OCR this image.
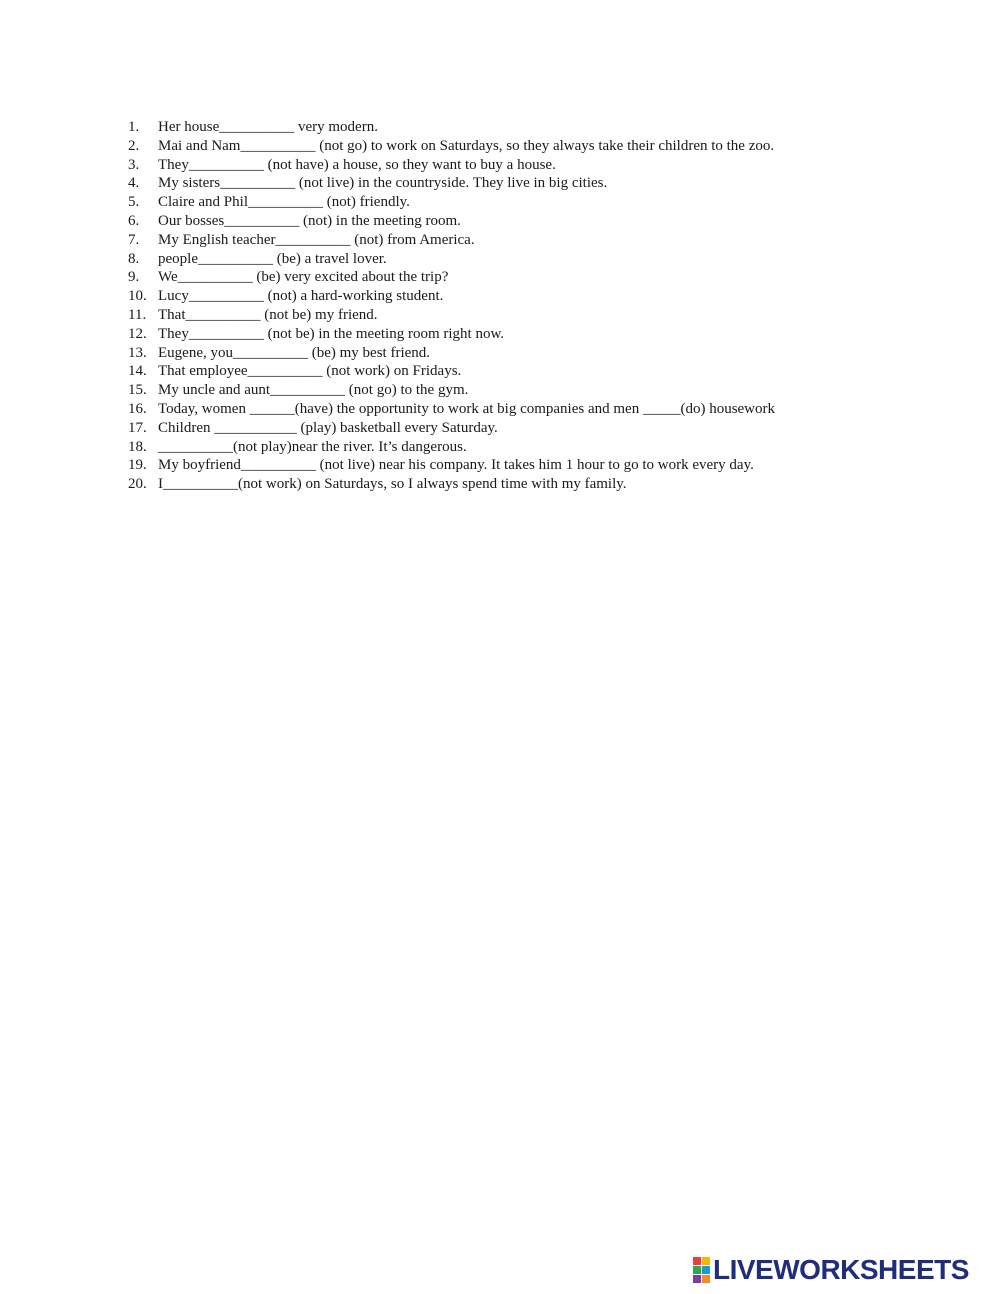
1.	Her house__________ very modern.
2.	Mai and Nam__________ (not go) to work on Saturdays, so they always take their children to the zoo.
3.	They__________ (not have) a house, so they want to buy a house.
4.	My sisters__________ (not live) in the countryside. They live in big cities.
5.	Claire and Phil__________ (not) friendly.
6.	Our bosses__________ (not) in the meeting room.
7.	My English teacher__________ (not) from America.
8.	people__________ (be) a travel lover.
9.	We__________ (be) very excited about the trip?
10. Lucy__________ (not) a hard-working student.
11. That__________ (not be) my friend.
12. They__________ (not be) in the meeting room right now.
13. Eugene, you__________ (be) my best friend.
14. That employee__________ (not work) on Fridays.
15. My uncle and aunt__________ (not go) to the gym.
16. Today, women ______(have) the opportunity to work at big companies and men _____(do) housework
17. Children ___________ (play) basketball every Saturday.
18. __________(not play)near the river. It’s dangerous.
19. My boyfriend__________ (not live) near his company. It takes him 1 hour to go to work every day.
20. I__________(not work) on Saturdays, so I always spend time with my family.
LIVEWORKSHEETS
